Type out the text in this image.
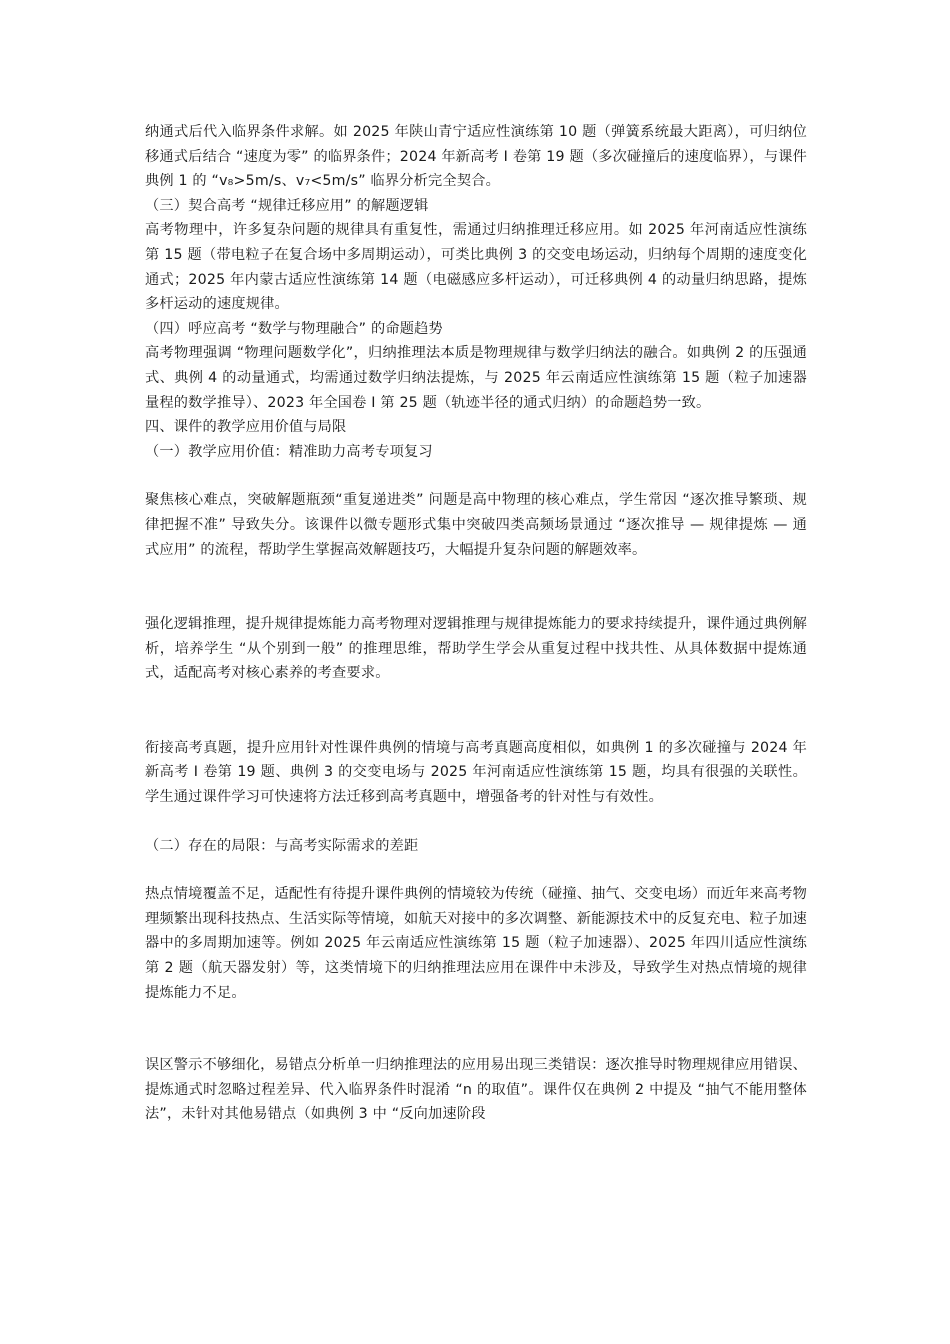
纳通式后代入临界条件求解。如 2025 年陕山青宁适应性演练第 10 题（弹簧系统最大距离），可归纳位移通式后结合 “速度为零” 的临界条件；2024 年新高考 Ⅰ 卷第 19 题（多次碰撞后的速度临界），与课件典例 1 的 “v₈>5m/s、v₇<5m/s” 临界分析完全契合。

（三）契合高考 “规律迁移应用” 的解题逻辑

高考物理中，许多复杂问题的规律具有重复性，需通过归纳推理迁移应用。如 2025 年河南适应性演练第 15 题（带电粒子在复合场中多周期运动），可类比典例 3 的交变电场运动，归纳每个周期的速度变化通式；2025 年内蒙古适应性演练第 14 题（电磁感应多杆运动），可迁移典例 4 的动量归纳思路，提炼多杆运动的速度规律。

（四）呼应高考 “数学与物理融合” 的命题趋势

高考物理强调 “物理问题数学化”，归纳推理法本质是物理规律与数学归纳法的融合。如典例 2 的压强通式、典例 4 的动量通式，均需通过数学归纳法提炼，与 2025 年云南适应性演练第 15 题（粒子加速器量程的数学推导）、2023 年全国卷 Ⅰ 第 25 题（轨迹半径的通式归纳）的命题趋势一致。

四、课件的教学应用价值与局限

（一）教学应用价值：精准助力高考专项复习

聚焦核心难点，突破解题瓶颈“重复递进类” 问题是高中物理的核心难点，学生常因 “逐次推导繁琐、规律把握不准” 导致失分。该课件以微专题形式集中突破四类高频场景通过 “逐次推导 — 规律提炼 — 通式应用” 的流程，帮助学生掌握高效解题技巧，大幅提升复杂问题的解题效率。

强化逻辑推理，提升规律提炼能力高考物理对逻辑推理与规律提炼能力的要求持续提升，课件通过典例解析，培养学生 “从个别到一般” 的推理思维，帮助学生学会从重复过程中找共性、从具体数据中提炼通式，适配高考对核心素养的考查要求。

衔接高考真题，提升应用针对性课件典例的情境与高考真题高度相似，如典例 1 的多次碰撞与 2024 年新高考 Ⅰ 卷第 19 题、典例 3 的交变电场与 2025 年河南适应性演练第 15 题，均具有很强的关联性。学生通过课件学习可快速将方法迁移到高考真题中，增强备考的针对性与有效性。

（二）存在的局限：与高考实际需求的差距

热点情境覆盖不足，适配性有待提升课件典例的情境较为传统（碰撞、抽气、交变电场）而近年来高考物理频繁出现科技热点、生活实际等情境，如航天对接中的多次调整、新能源技术中的反复充电、粒子加速器中的多周期加速等。例如 2025 年云南适应性演练第 15 题（粒子加速器）、2025 年四川适应性演练第 2 题（航天器发射）等，这类情境下的归纳推理法应用在课件中未涉及，导致学生对热点情境的规律提炼能力不足。

误区警示不够细化，易错点分析单一归纳推理法的应用易出现三类错误：逐次推导时物理规律应用错误、提炼通式时忽略过程差异、代入临界条件时混淆 “n 的取值”。课件仅在典例 2 中提及 “抽气不能用整体法”，未针对其他易错点（如典例 3 中 “反向加速阶段
